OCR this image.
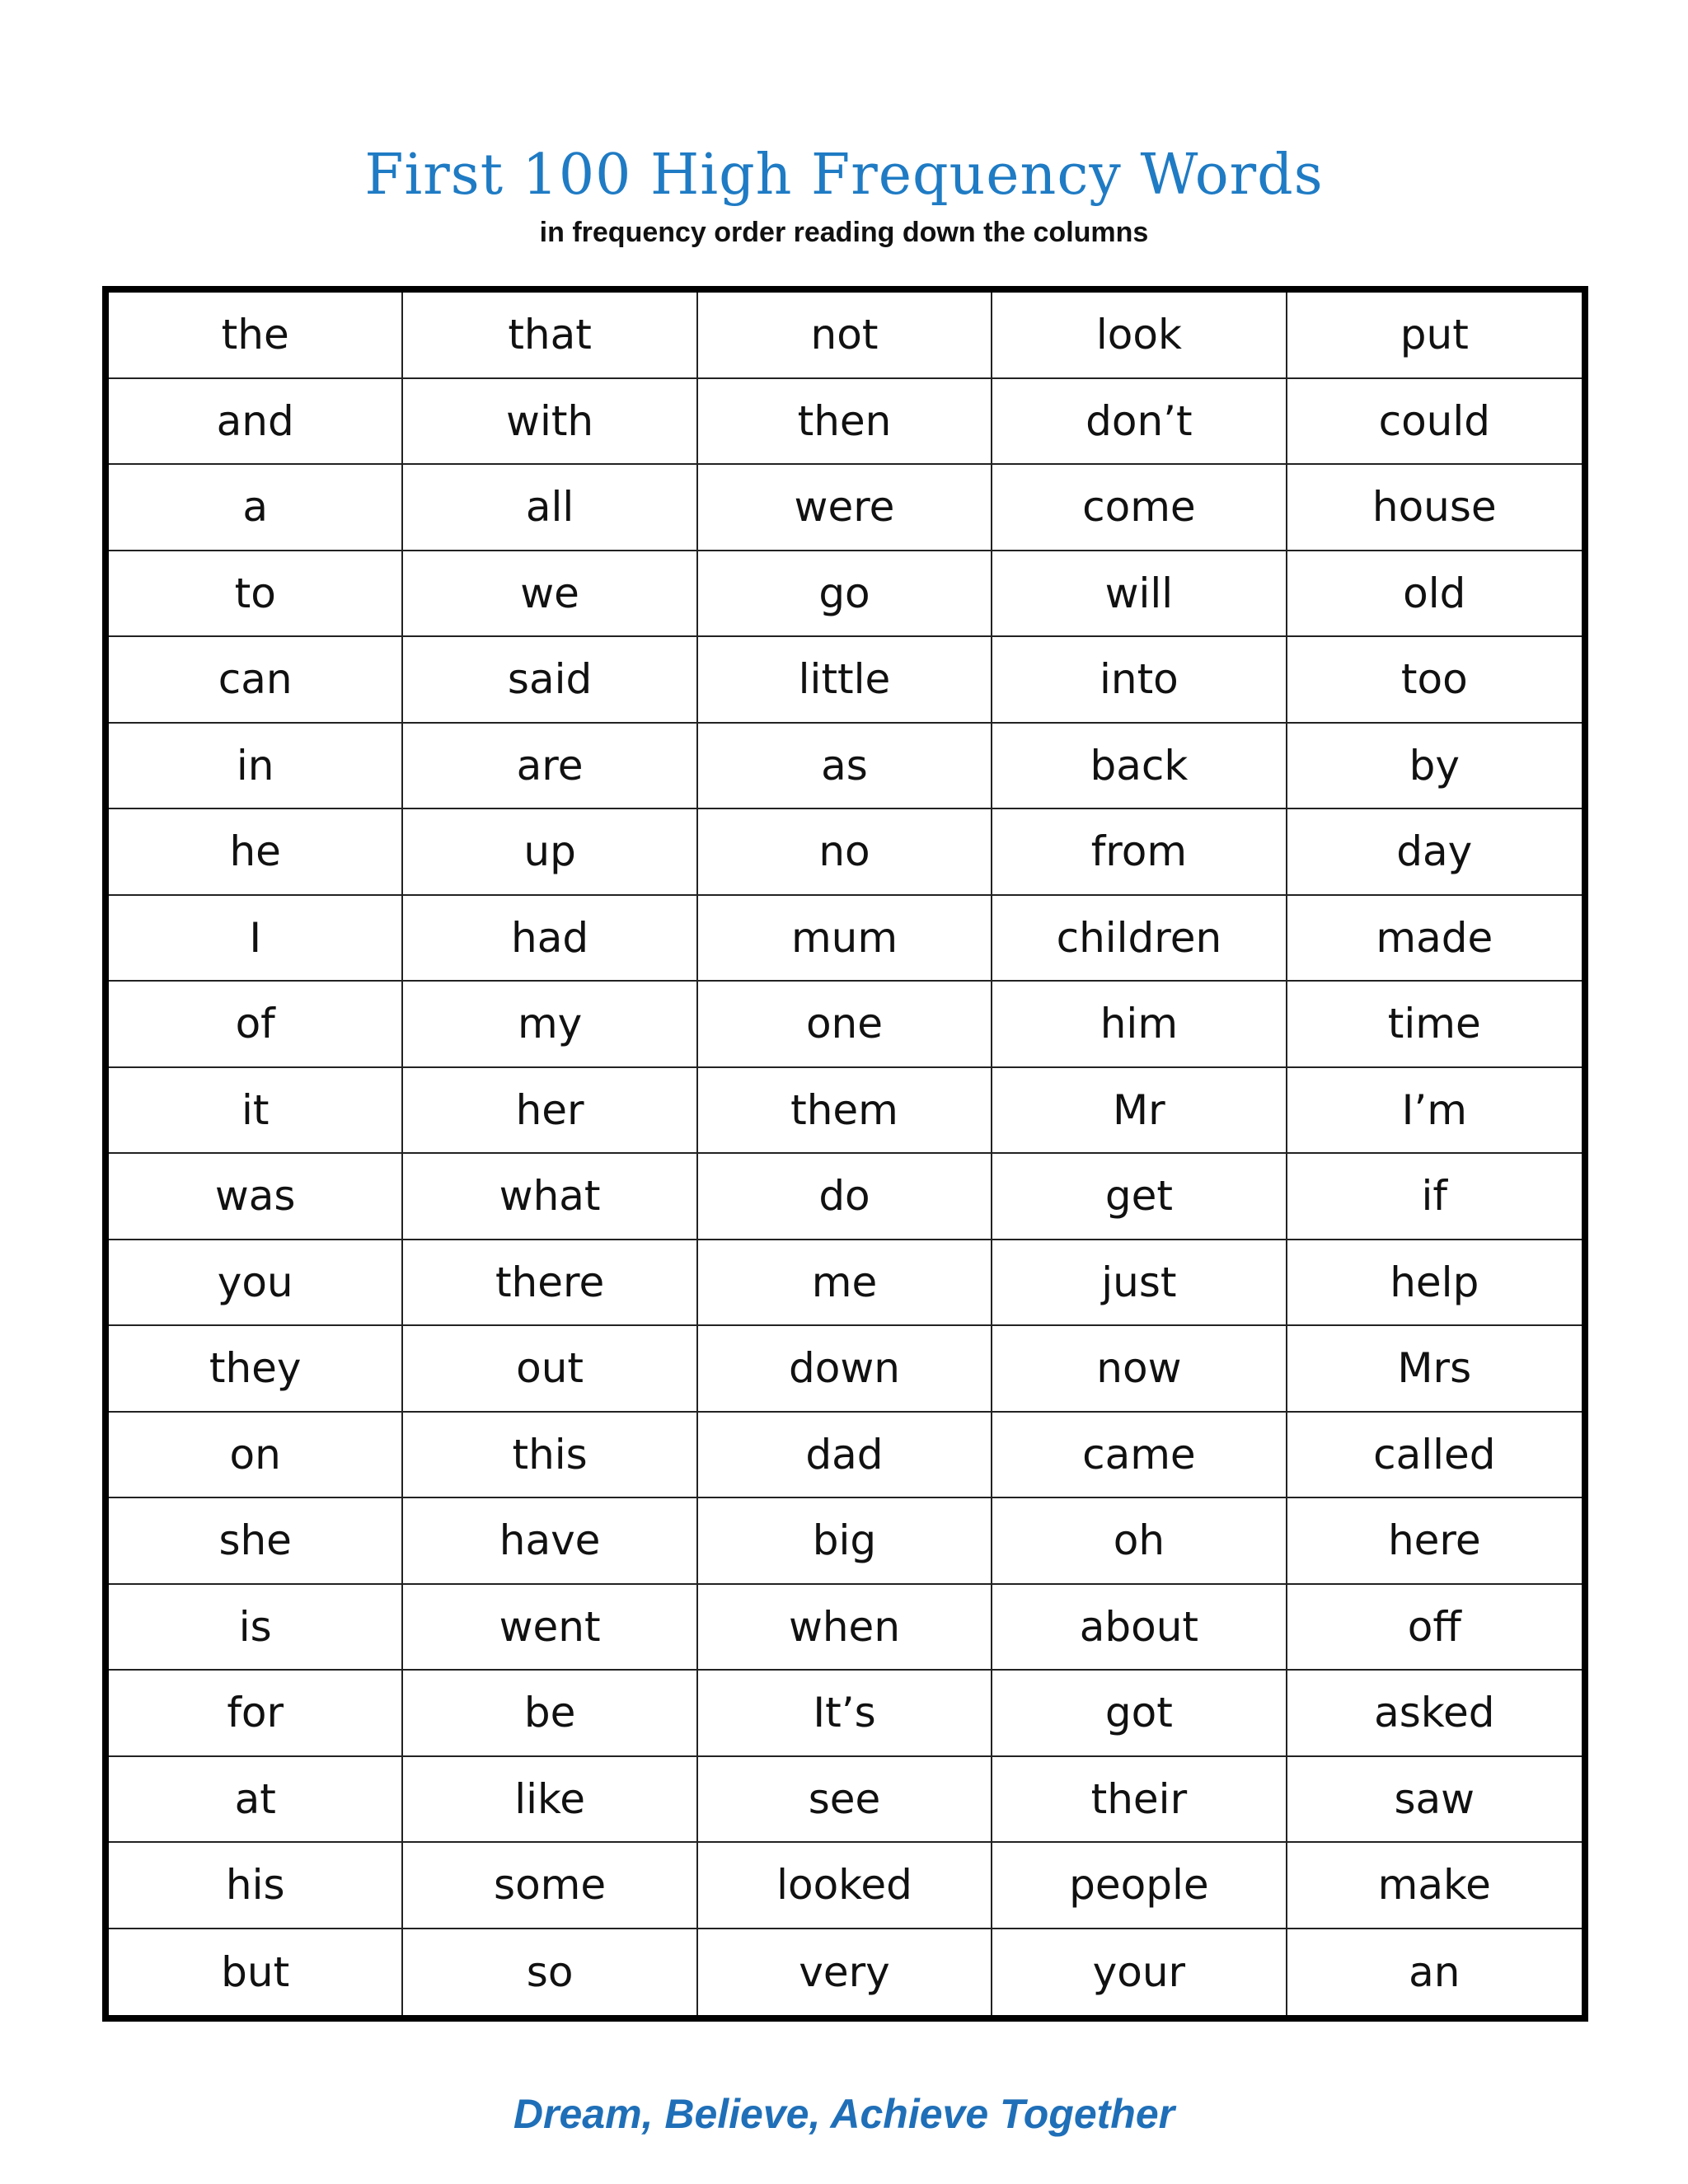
First 100 High Frequency Words
in frequency order reading down the columns
the	that	not	look	put
and	with	then	don’t	could
a	all	were	come	house
to	we	go	will	old
can	said	little	into	too
in	are	as	back	by
he	up	no	from	day
I	had	mum	children	made
of	my	one	him	time
it	her	them	Mr	I’m
was	what	do	get	if
you	there	me	just	help
they	out	down	now	Mrs
on	this	dad	came	called
she	have	big	oh	here
is	went	when	about	off
for	be	It’s	got	asked
at	like	see	their	saw
his	some	looked	people	make
but	so	very	your	an
Dream, Believe, Achieve Together
